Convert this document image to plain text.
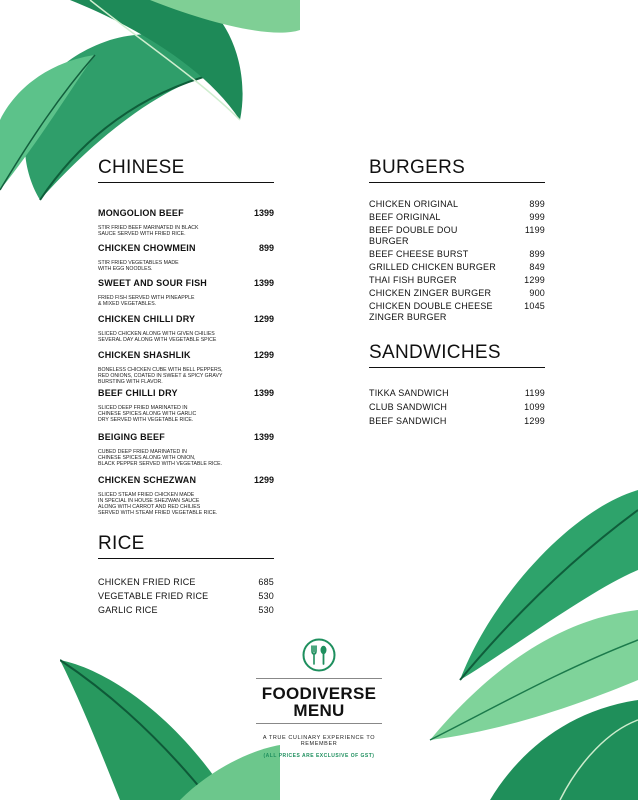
CHINESE
MONGOLION BEEF	1399
STIR FRIED BEEF MARINATED IN BLACK
SAUCE SERVED WITH FRIED RICE.
CHICKEN CHOWMEIN	899
STIR FRIED VEGETABLES MADE
WITH EGG NOODLES.
SWEET AND SOUR FISH	1399
FRIED FISH SERVED WITH PINEAPPLE
& MIXED VEGETABLES.
CHICKEN CHILLI DRY	1299
SLICED CHICKEN ALONG WITH GIVEN CHILIES
SEVERAL DAY ALONG WITH VEGETABLE SPICE
CHICKEN SHASHLIK	1299
BONELESS CHICKEN CUBE WITH BELL PEPPERS,
RED ONIONS, COATED IN SWEET & SPICY GRAVY
BURSTING WITH FLAVOR.
BEEF CHILLI DRY	1399
SLICED DEEP FRIED MARINATED IN
CHINESE SPICES ALONG WITH GARLIC
DRY SERVED WITH VEGETABLE RICE.
BEIGING BEEF	1399
CUBED DEEP FRIED MARINATED IN
CHINESE SPICES ALONG WITH ONION,
BLACK PEPPER SERVED WITH VEGETABLE RICE.
CHICKEN SCHEZWAN	1299
SLICED STEAM FRIED CHICKEN MADE
IN SPECIAL IN HOUSE SHEZWAN SAUCE
ALONG WITH CARROT AND RED CHILIES
SERVED WITH STEAM FRIED VEGETABLE RICE.
RICE
CHICKEN FRIED RICE	685
VEGETABLE FRIED RICE	530
GARLIC RICE	530
BURGERS
CHICKEN ORIGINAL	899
BEEF ORIGINAL	999
BEEF DOUBLE DOU BURGER
1199
BEEF CHEESE BURST	899
GRILLED CHICKEN BURGER	849
THAI FISH BURGER	1299
CHICKEN ZINGER BURGER	900
CHICKEN DOUBLE CHEESE ZINGER BURGER
1045
SANDWICHES
TIKKA SANDWICH	1199
CLUB SANDWICH	1099
BEEF SANDWICH	1299
FOODIVERSE
MENU
A TRUE CULINARY EXPERIENCE TO REMEMBER
(ALL PRICES ARE EXCLUSIVE OF GST)
